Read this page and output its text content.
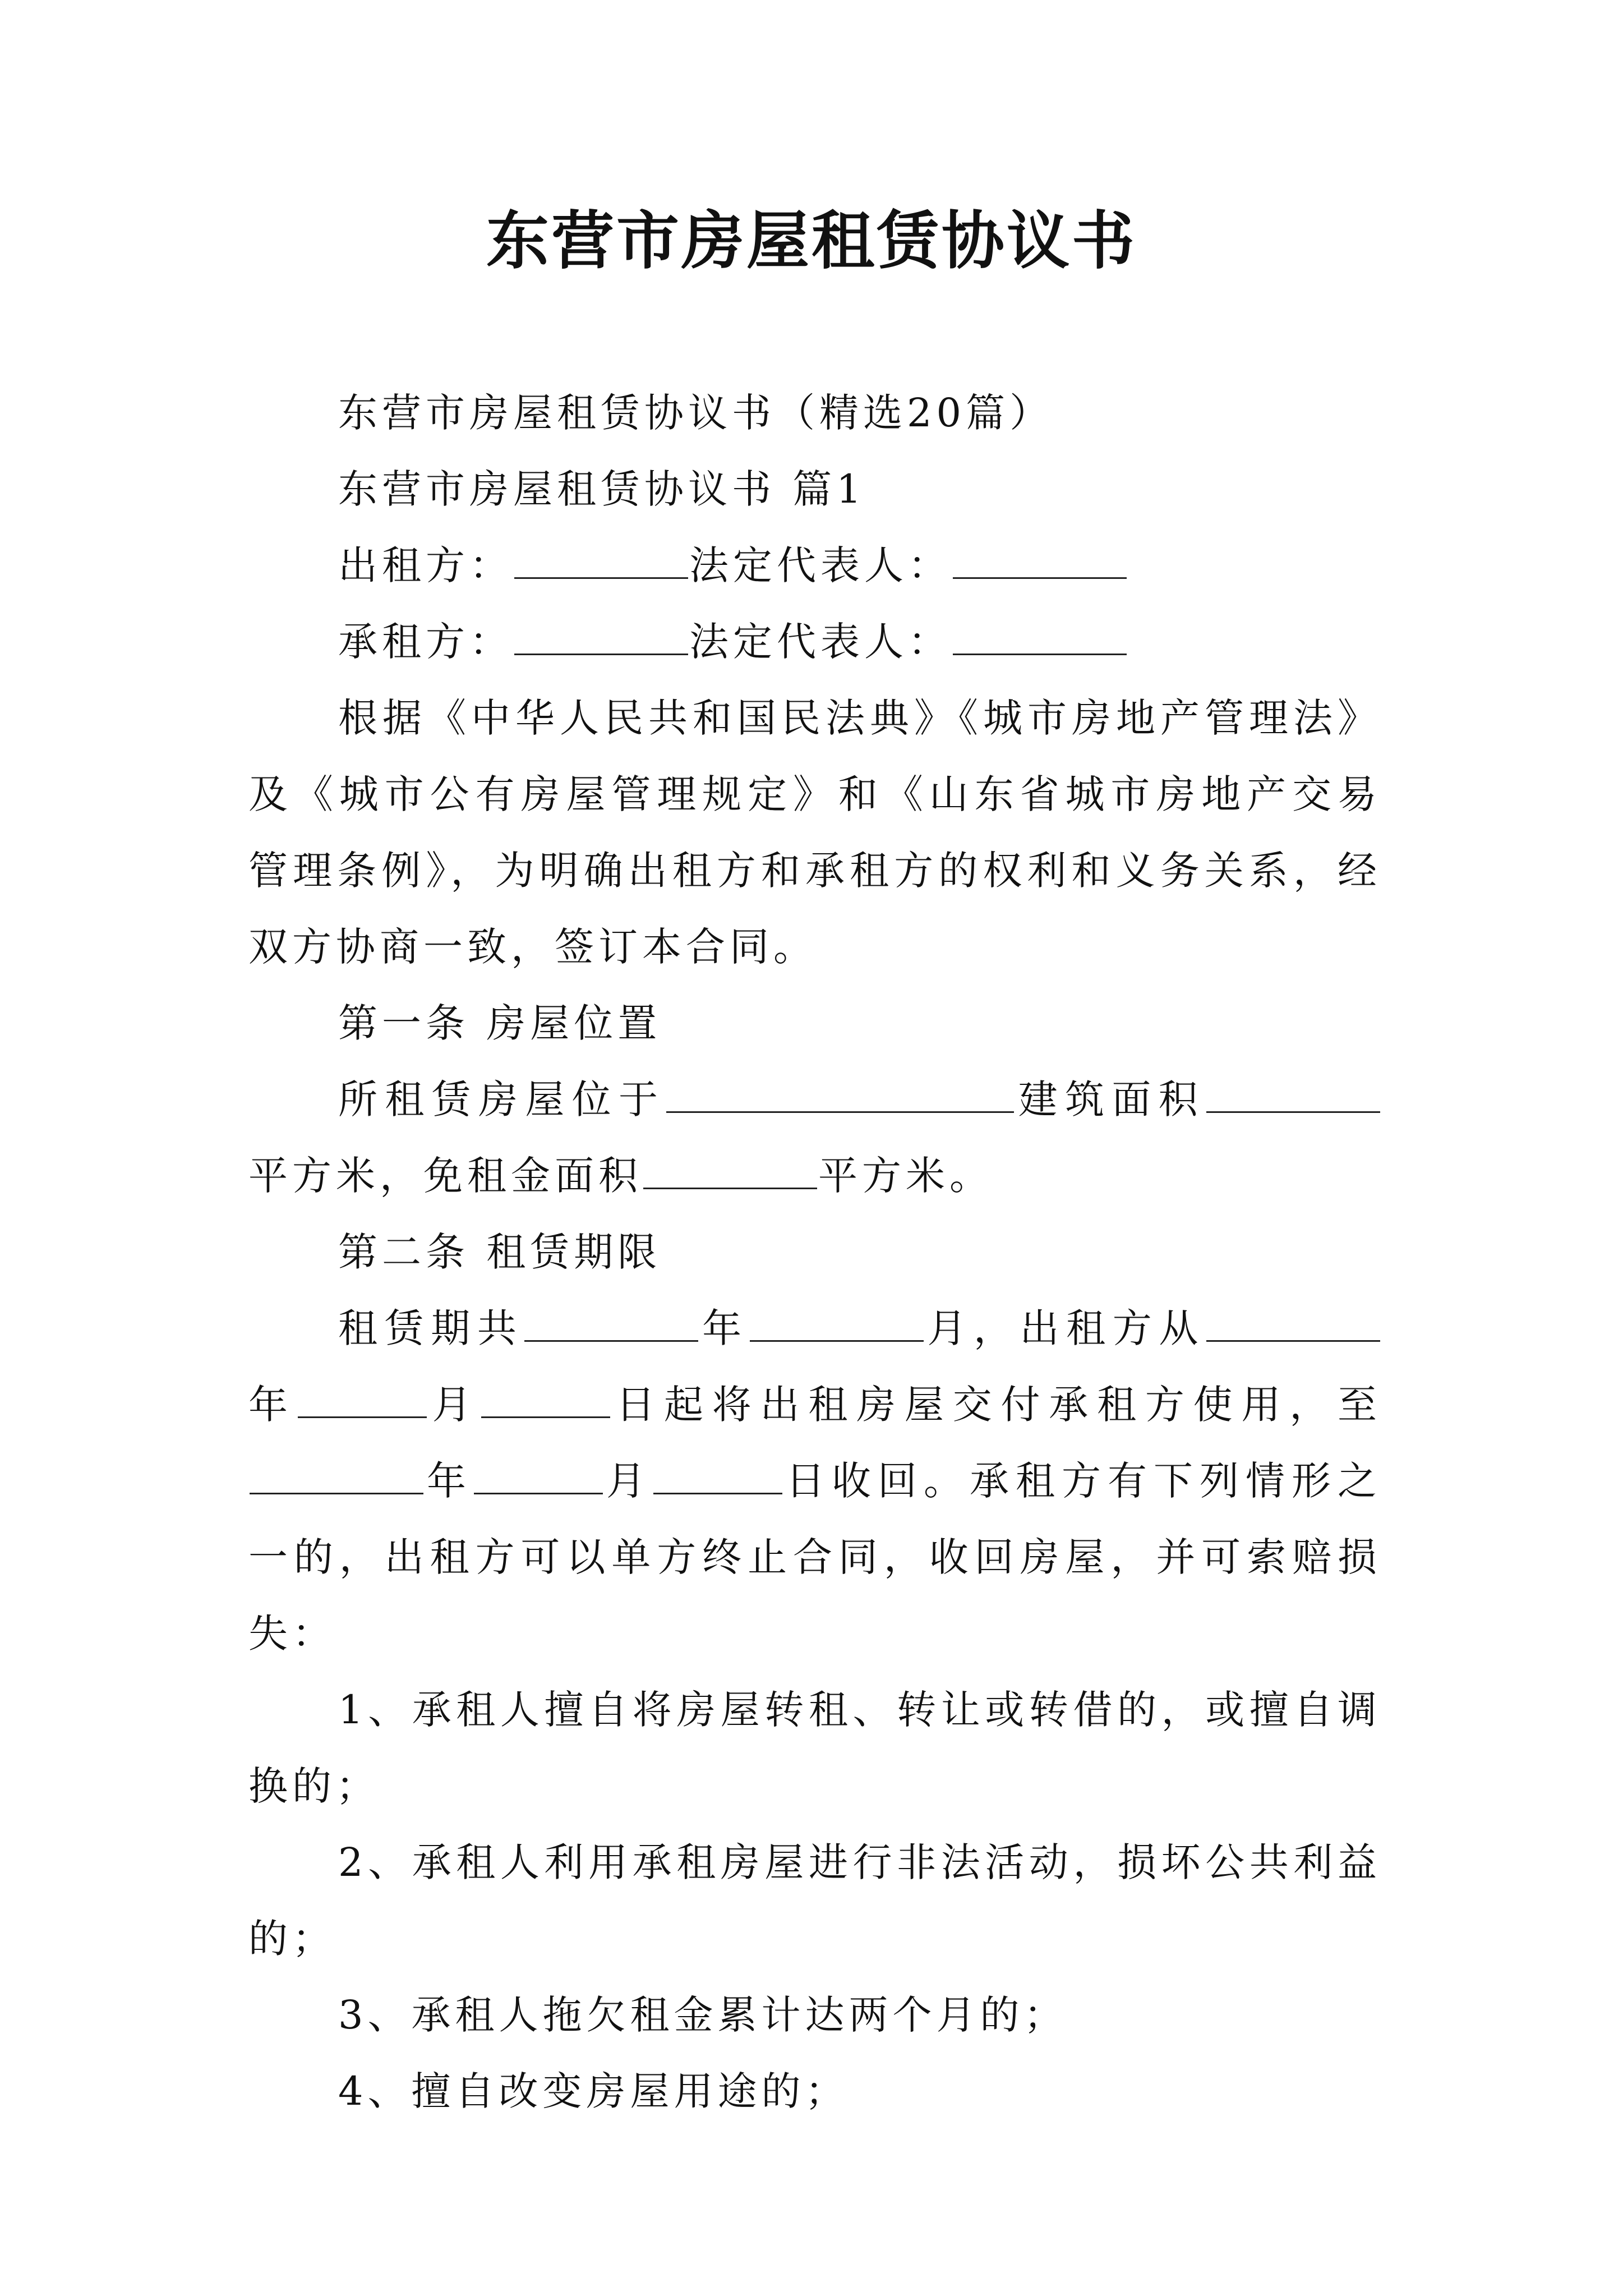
东营市房屋租赁协议书

东营市房屋租赁协议书（精选20篇）

东营市房屋租赁协议书 篇1

出租方：	法定代表人：

承租方：	法定代表人：

根据《中华人民共和国民法典》《城市房地产管理法》及《城市公有房屋管理规定》和《山东省城市房地产交易管理条例》，为明确出租方和承租方的权利和义务关系，经双方协商一致，签订本合同。

第一条 房屋位置

所租赁房屋位于	建筑面积平方米，免租金面积	平方米。

第二条 租赁期限

租赁期共	年	月，出租方从年	月	日起将出租房屋交付承租方使用，至年	月	日收回。承租方有下列情形之一的，出租方可以单方终止合同，收回房屋，并可索赔损失：

1、承租人擅自将房屋转租、转让或转借的，或擅自调换的；

2、承租人利用承租房屋进行非法活动，损坏公共利益的；

3、承租人拖欠租金累计达两个月的；

4、擅自改变房屋用途的；
